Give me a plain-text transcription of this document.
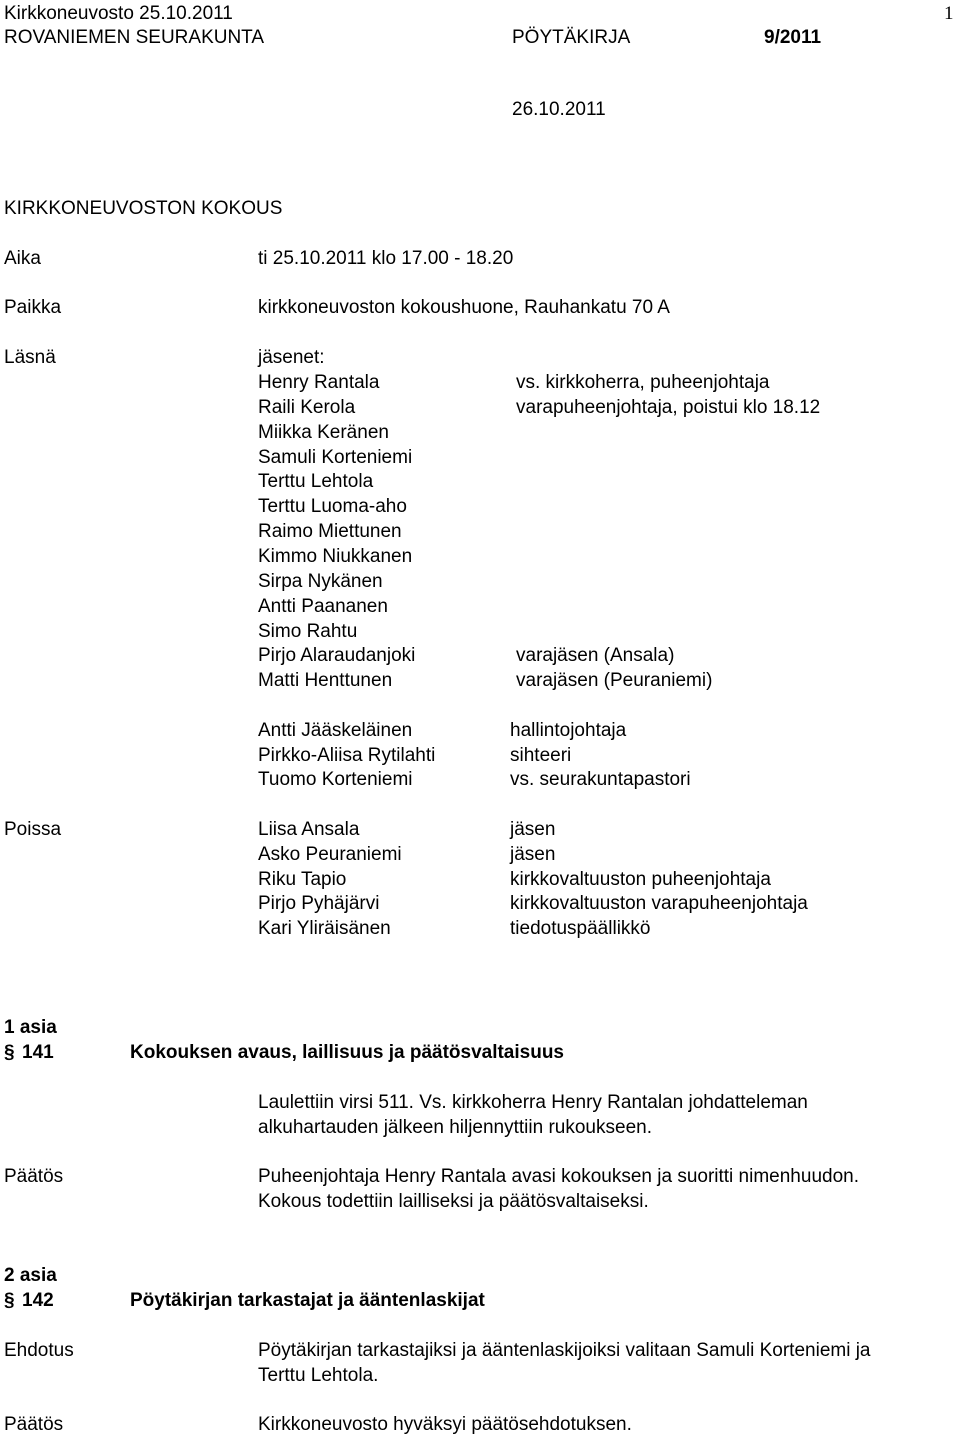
Kirkkoneuvosto 25.10.2011	1
ROVANIEMEN SEURAKUNTA	PÖYTÄKIRJA	9/2011
26.10.2011
KIRKKONEUVOSTON KOKOUS
Aika	ti 25.10.2011 klo 17.00 - 18.20
Paikka	kirkkoneuvoston kokoushuone, Rauhankatu 70 A
Läsnä	jäsenet:
Henry Rantala	vs. kirkkoherra, puheenjohtaja
Raili Kerola	varapuheenjohtaja, poistui klo 18.12
Miikka Keränen
Samuli Korteniemi
Terttu Lehtola
Terttu Luoma-aho
Raimo Miettunen
Kimmo Niukkanen
Sirpa Nykänen
Antti Paananen
Simo Rahtu
Pirjo Alaraudanjoki	varajäsen (Ansala)
Matti Henttunen	varajäsen (Peuraniemi)
Antti Jääskeläinen	hallintojohtaja
Pirkko-Aliisa Rytilahti	sihteeri
Tuomo Korteniemi	vs. seurakuntapastori
Poissa	Liisa Ansala	jäsen
Asko Peuraniemi	jäsen
Riku Tapio	kirkkovaltuuston puheenjohtaja
Pirjo Pyhäjärvi	kirkkovaltuuston varapuheenjohtaja
Kari Yliräisänen	tiedotuspäällikkö
1 asia
§ 141	Kokouksen avaus, laillisuus ja päätösvaltaisuus
Laulettiin virsi 511. Vs. kirkkoherra Henry Rantalan johdatteleman
alkuhartauden jälkeen hiljennyttiin rukoukseen.
Päätös	Puheenjohtaja Henry Rantala avasi kokouksen ja suoritti nimenhuudon.
Kokous todettiin lailliseksi ja päätösvaltaiseksi.
2 asia
§ 142	Pöytäkirjan tarkastajat ja ääntenlaskijat
Ehdotus	Pöytäkirjan tarkastajiksi ja ääntenlaskijoiksi valitaan Samuli Korteniemi ja
Terttu Lehtola.
Päätös	Kirkkoneuvosto hyväksyi päätösehdotuksen.
